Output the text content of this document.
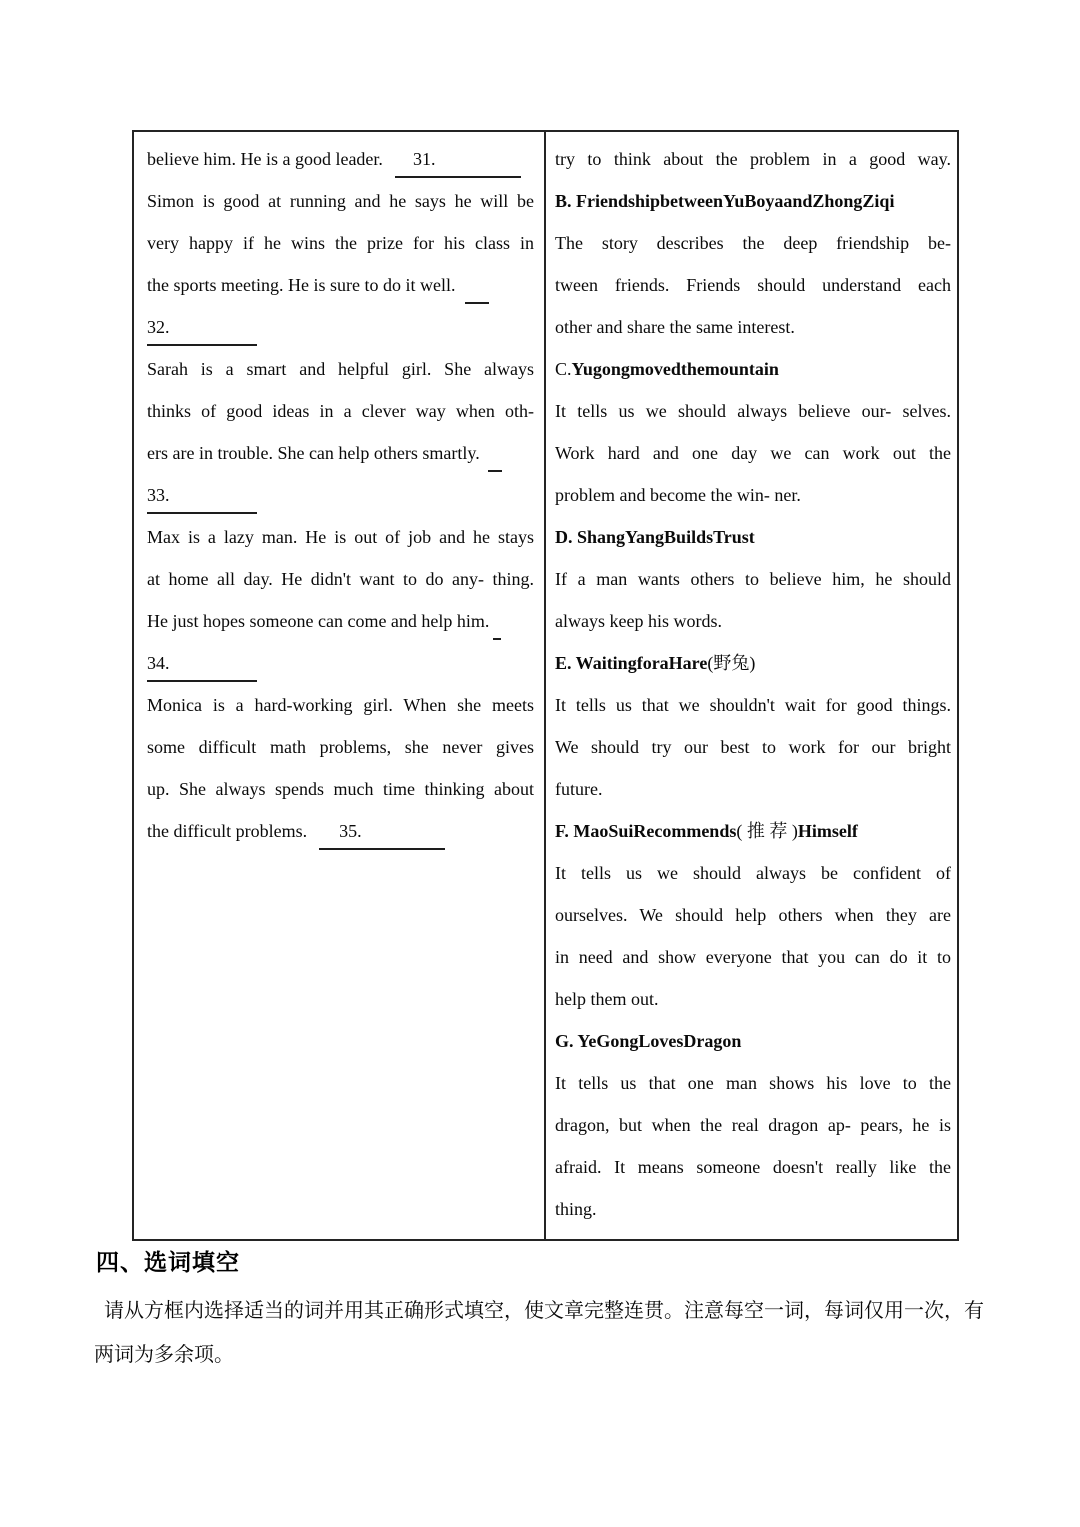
believe him. He is a good leader. 31.
Simon is good at running and he says he will be
very happy if he wins the prize for his class in
the sports meeting. He is sure to do it well.
32.
Sarah is a smart and helpful girl. She always
thinks of good ideas in a clever way when oth-
ers are in trouble. She can help others smartly.
33.
Max is a lazy man. He is out of job and he stays
at home all day. He didn't want to do any- thing.
He just hopes someone can come and help him.
34.
Monica is a hard-working girl. When she meets
some difficult math problems, she never gives
up. She always spends much time thinking about
the difficult problems. 35.
try to think about the problem in a good way.
B. FriendshipbetweenYuBoyaandZhongZiqi
The story describes the deep friendship be-
tween friends. Friends should understand each
other and share the same interest.
C.Yugongmovedthemountain
It tells us we should always believe our- selves.
Work hard and one day we can work out the
problem and become the win- ner.
D. ShangYangBuildsTrust
If a man wants others to believe him, he should
always keep his words.
E. WaitingforaHare(野兔)
It tells us that we shouldn't wait for good things.
We should try our best to work for our bright
future.
F. MaoSuiRecommends( 推 荐 )Himself
It tells us we should always be confident of
ourselves. We should help others when they are
in need and show everyone that you can do it to
help them out.
G. YeGongLovesDragon
It tells us that one man shows his love to the
dragon, but when the real dragon ap- pears, he is
afraid. It means someone doesn't really like the
thing.
四、选词填空
请从方框内选择适当的词并用其正确形式填空，使文章完整连贯。注意每空一词，每词仅用一次，有
两词为多余项。
